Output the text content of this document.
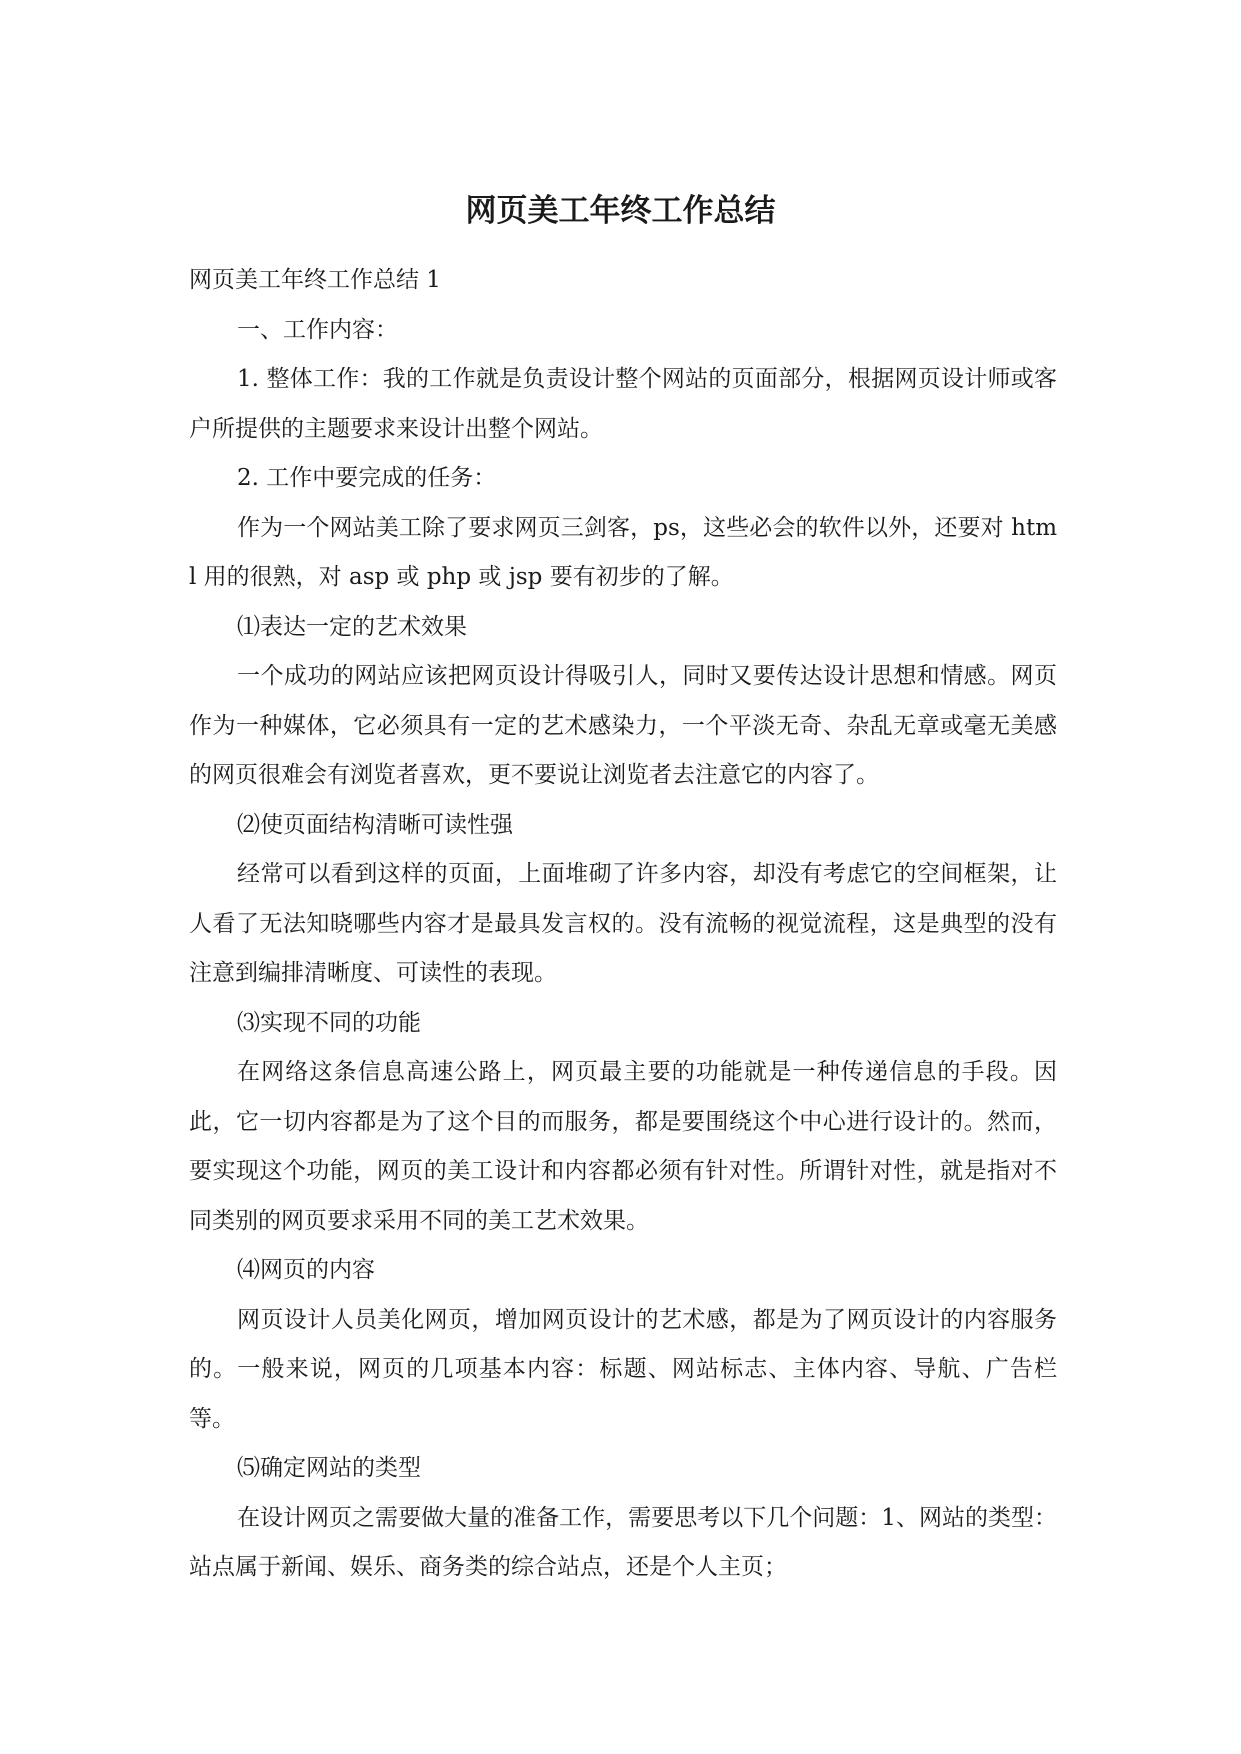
网页美工年终工作总结

网页美工年终工作总结 1

一、工作内容：

1. 整体工作：我的工作就是负责设计整个网站的页面部分，根据网页设计师或客户所提供的主题要求来设计出整个网站。

2. 工作中要完成的任务：

作为一个网站美工除了要求网页三剑客，ps，这些必会的软件以外，还要对 html 用的很熟，对 asp 或 php 或 jsp 要有初步的了解。

⑴表达一定的艺术效果

一个成功的网站应该把网页设计得吸引人，同时又要传达设计思想和情感。网页作为一种媒体，它必须具有一定的艺术感染力，一个平淡无奇、杂乱无章或毫无美感的网页很难会有浏览者喜欢，更不要说让浏览者去注意它的内容了。

⑵使页面结构清晰可读性强

经常可以看到这样的页面，上面堆砌了许多内容，却没有考虑它的空间框架，让人看了无法知晓哪些内容才是最具发言权的。没有流畅的视觉流程，这是典型的没有注意到编排清晰度、可读性的表现。

⑶实现不同的功能

在网络这条信息高速公路上，网页最主要的功能就是一种传递信息的手段。因此，它一切内容都是为了这个目的而服务，都是要围绕这个中心进行设计的。然而，要实现这个功能，网页的美工设计和内容都必须有针对性。所谓针对性，就是指对不同类别的网页要求采用不同的美工艺术效果。

⑷网页的内容

网页设计人员美化网页，增加网页设计的艺术感，都是为了网页设计的内容服务的。一般来说，网页的几项基本内容：标题、网站标志、主体内容、导航、广告栏等。

⑸确定网站的类型

在设计网页之需要做大量的准备工作，需要思考以下几个问题：1、网站的类型：站点属于新闻、娱乐、商务类的综合站点，还是个人主页；
